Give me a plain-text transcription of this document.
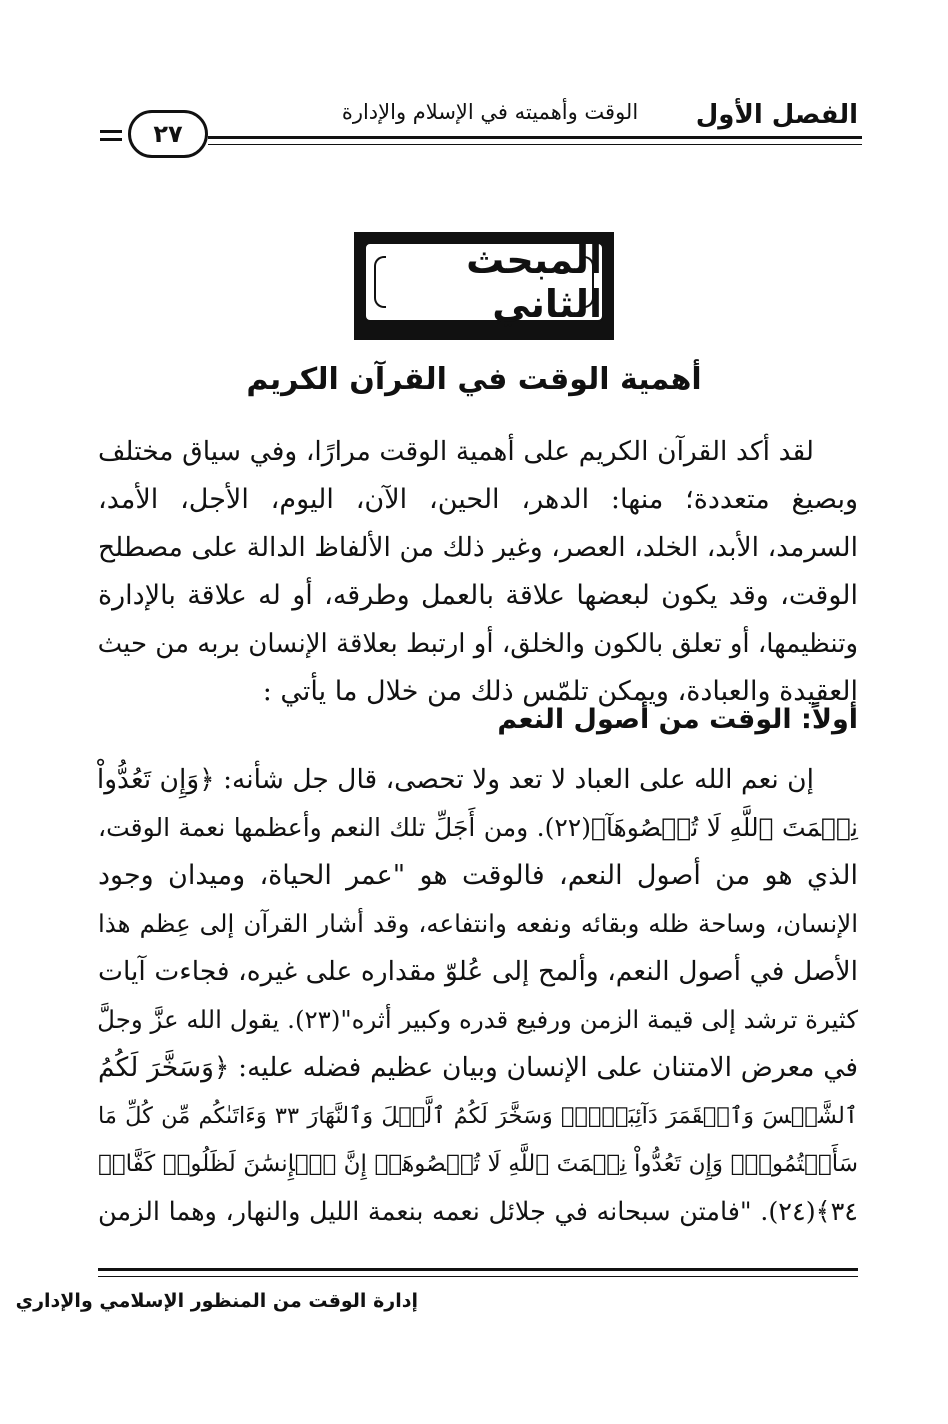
الفصل الأول
الوقت وأهميته في الإسلام والإدارة
٢٧
المبحث الثاني
أهمية الوقت في القرآن الكريم
لقد أكد القرآن الكريم على أهمية الوقت مرارًا، وفي سياق مختلف
وبصيغ متعددة؛ منها: الدهر، الحين، الآن، اليوم، الأجل، الأمد،
السرمد، الأبد، الخلد، العصر، وغير ذلك من الألفاظ الدالة على مصطلح
الوقت، وقد يكون لبعضها علاقة بالعمل وطرقه، أو له علاقة بالإدارة
وتنظيمها، أو تعلق بالكون والخلق، أو ارتبط بعلاقة الإنسان بربه من حيث
العقيدة والعبادة، ويمكن تلمّس ذلك من خلال ما يأتي :
أولاً: الوقت من أصول النعم
إن نعم الله على العباد لا تعد ولا تحصى، قال جل شأنه: ﴿وَإِن تَعُدُّواْ
نِعۡمَتَ ٱللَّهِ لَا تُحۡصُوهَآ﴾(٢٢). ومن أَجَلِّ تلك النعم وأعظمها نعمة الوقت،
الذي هو من أصول النعم، فالوقت هو "عمر الحياة، وميدان وجود
الإنسان، وساحة ظله وبقائه ونفعه وانتفاعه، وقد أشار القرآن إلى عِظم هذا
الأصل في أصول النعم، وألمح إلى عُلوّ مقداره على غيره، فجاءت آيات
كثيرة ترشد إلى قيمة الزمن ورفيع قدره وكبير أثره"(٢٣). يقول الله عزَّ وجلَّ
في معرض الامتنان على الإنسان وبيان عظيم فضله عليه: ﴿وَسَخَّرَ لَكُمُ
ٱلشَّمۡسَ وَٱلۡقَمَرَ دَآئِبَيۡنِۖ وَسَخَّرَ لَكُمُ ٱلَّيۡلَ وَٱلنَّهَارَ ٣٣ وَءَاتَىٰكُم مِّن كُلِّ مَا
سَأَلۡتُمُوهُۚ وَإِن تَعُدُّواْ نِعۡمَتَ ٱللَّهِ لَا تُحۡصُوهَآۗ إِنَّ ٱلۡإِنسَٰنَ لَظَلُومٞ كَفَّارٞ
٣٤﴾(٢٤). "فامتن سبحانه في جلائل نعمه بنعمة الليل والنهار، وهما الزمن
إدارة الوقت من المنظور الإسلامي والإداري
